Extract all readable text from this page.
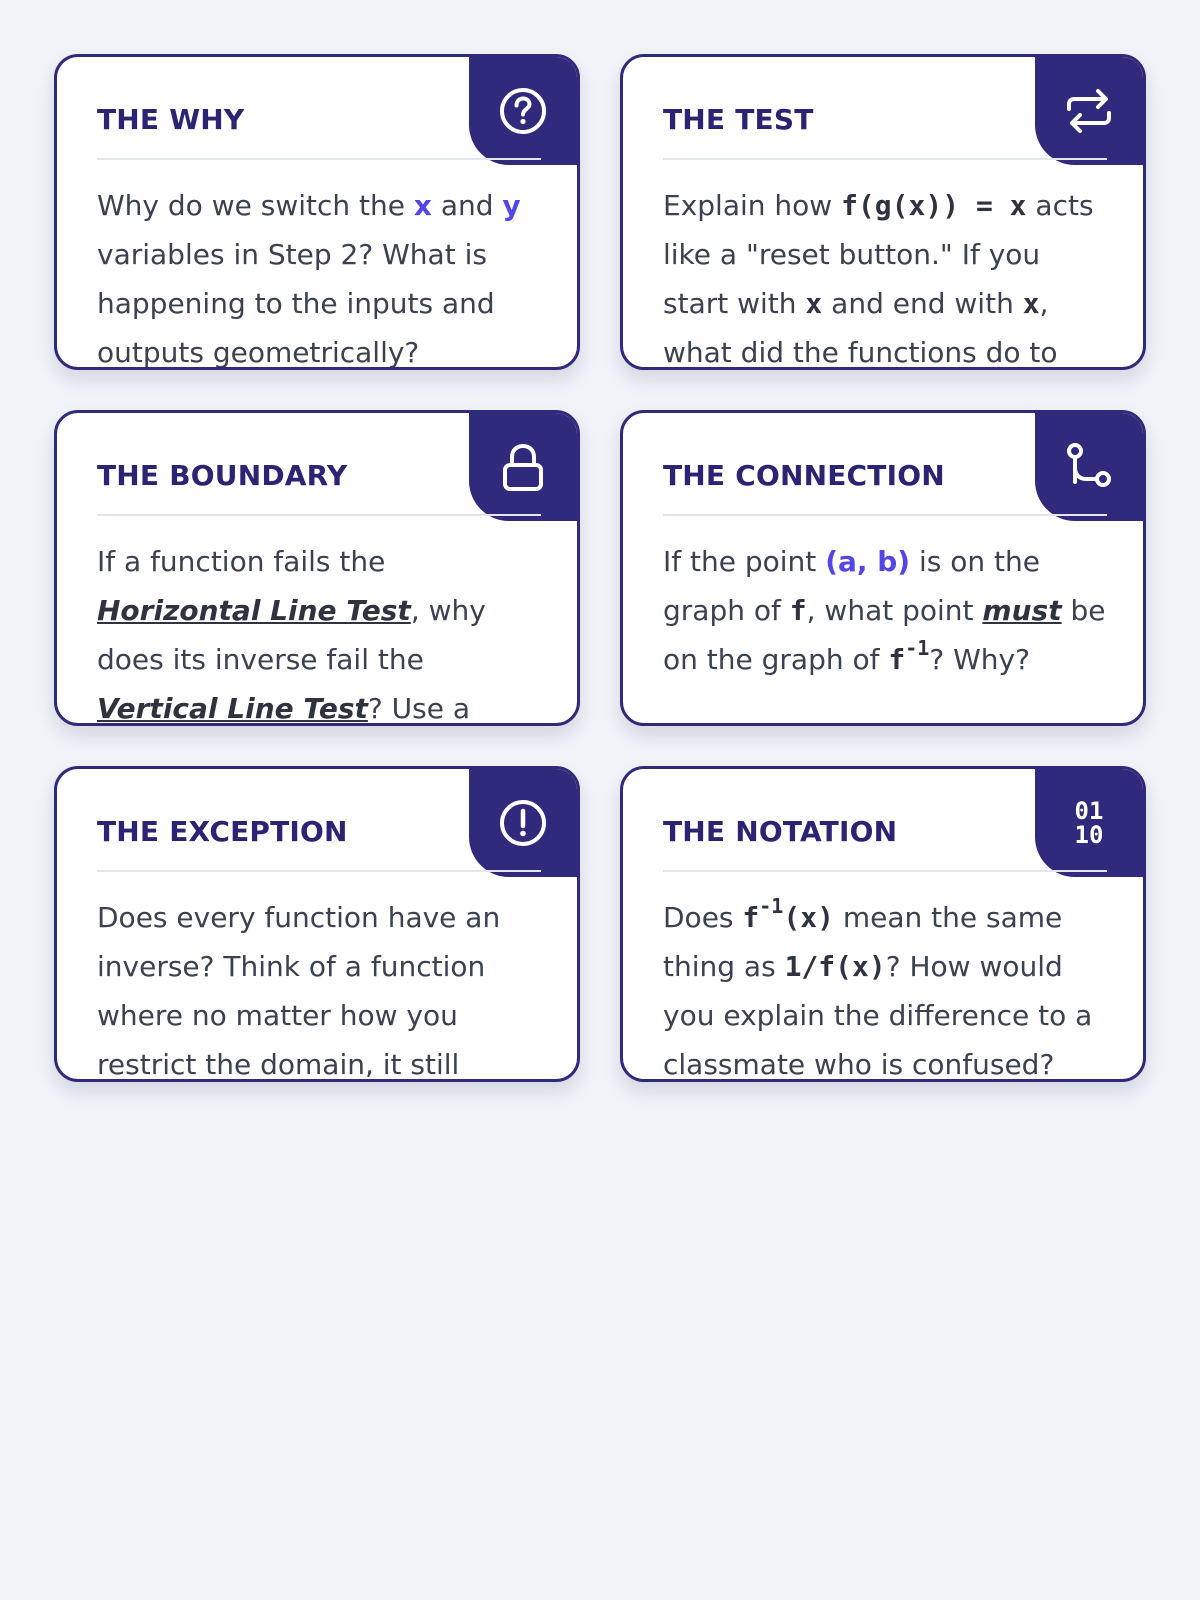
THE WHY

Why do we switch the x and y variables in Step 2? What is happening to the inputs and outputs geometrically?

THE TEST

Explain how f(g(x)) = x acts like a "reset button." If you start with x and end with x, what did the functions do to

THE BOUNDARY

If a function fails the Horizontal Line Test, why does its inverse fail the Vertical Line Test? Use a

THE CONNECTION

If the point (a, b) is on the graph of f, what point must be on the graph of $f^{-1}$? Why?

THE EXCEPTION

Does every function have an inverse? Think of a function where no matter how you restrict the domain, it still

01
10
THE NOTATION

Does $f^{-1}(x)$ mean the same thing as 1/f(x)? How would you explain the difference to a classmate who is confused?
